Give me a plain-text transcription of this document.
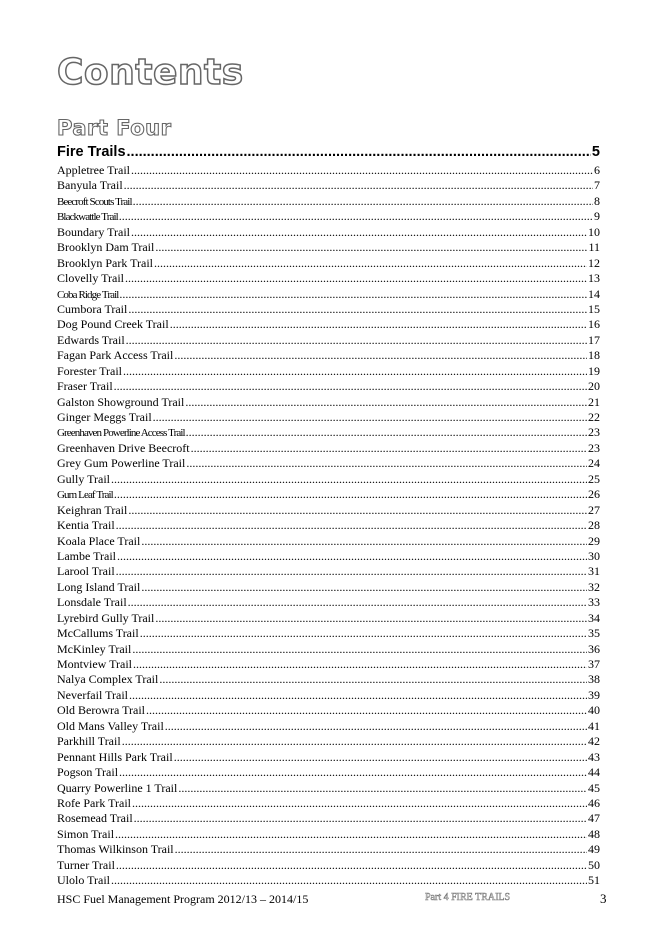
Contents
Part Four
Fire Trails .....	5
Appletree Trail .....	6
Banyula Trail .....	7
Beecroft Scouts Trail .....	8
Blackwattle Trail .....	9
Boundary Trail .....	10
Brooklyn Dam Trail .....	11
Brooklyn Park Trail .....	12
Clovelly Trail .....	13
Coba Ridge Trail .....	14
Cumbora Trail .....	15
Dog Pound Creek Trail .....	16
Edwards Trail .....	17
Fagan Park Access Trail .....	18
Forester Trail .....	19
Fraser Trail .....	20
Galston Showground Trail .....	21
Ginger Meggs Trail .....	22
Greenhaven Powerline Access Trail .....	23
Greenhaven Drive Beecroft .....	23
Grey Gum Powerline Trail .....	24
Gully Trail .....	25
Gum Leaf Trail .....	26
Keighran Trail .....	27
Kentia Trail .....	28
Koala Place Trail .....	29
Lambe Trail .....	30
Larool Trail .....	31
Long Island Trail .....	32
Lonsdale Trail .....	33
Lyrebird Gully Trail .....	34
McCallums Trail .....	35
McKinley Trail .....	36
Montview Trail .....	37
Nalya Complex Trail .....	38
Neverfail Trail .....	39
Old Berowra Trail .....	40
Old Mans Valley Trail .....	41
Parkhill Trail .....	42
Pennant Hills Park Trail .....	43
Pogson Trail .....	44
Quarry Powerline 1 Trail .....	45
Rofe Park Trail .....	46
Rosemead Trail .....	47
Simon Trail .....	48
Thomas Wilkinson Trail .....	49
Turner Trail .....	50
Ulolo Trail .....	51
HSC Fuel Management Program 2012/13 – 2014/15	Part 4 FIRE TRAILS	3
